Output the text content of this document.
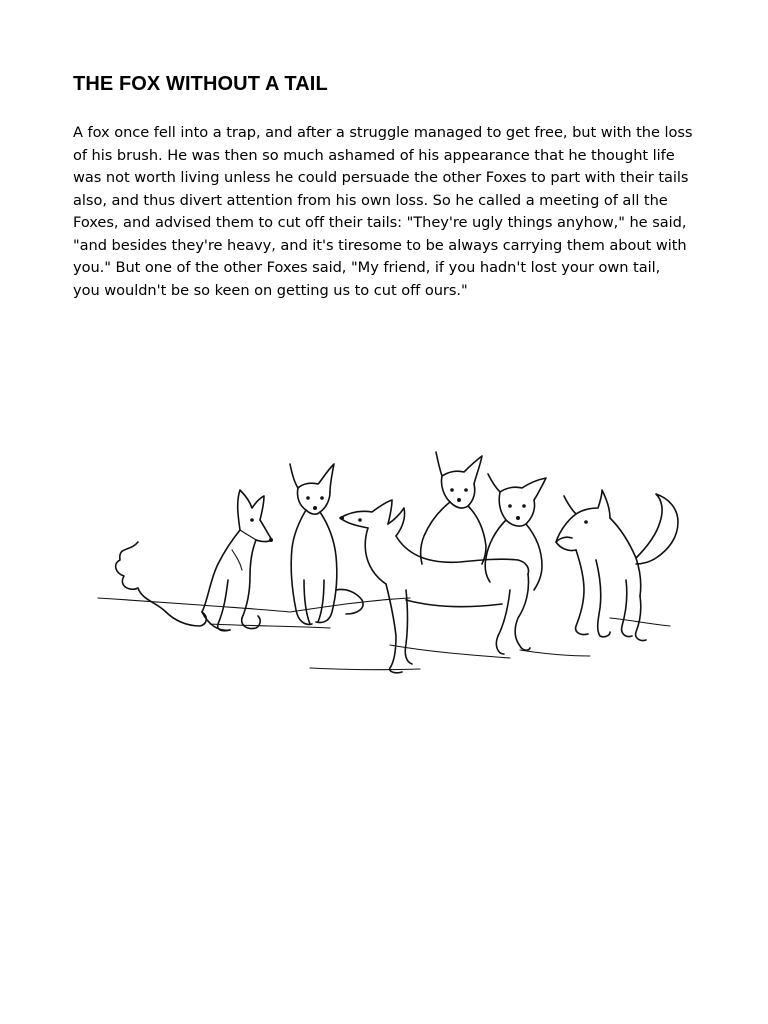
THE FOX WITHOUT A TAIL
A fox once fell into a trap, and after a struggle managed to get free, but with the loss
of his brush. He was then so much ashamed of his appearance that he thought life
was not worth living unless he could persuade the other Foxes to part with their tails
also, and thus divert attention from his own loss. So he called a meeting of all the
Foxes, and advised them to cut off their tails: "They're ugly things anyhow," he said,
"and besides they're heavy, and it's tiresome to be always carrying them about with
you." But one of the other Foxes said, "My friend, if you hadn't lost your own tail,
you wouldn't be so keen on getting us to cut off ours."
